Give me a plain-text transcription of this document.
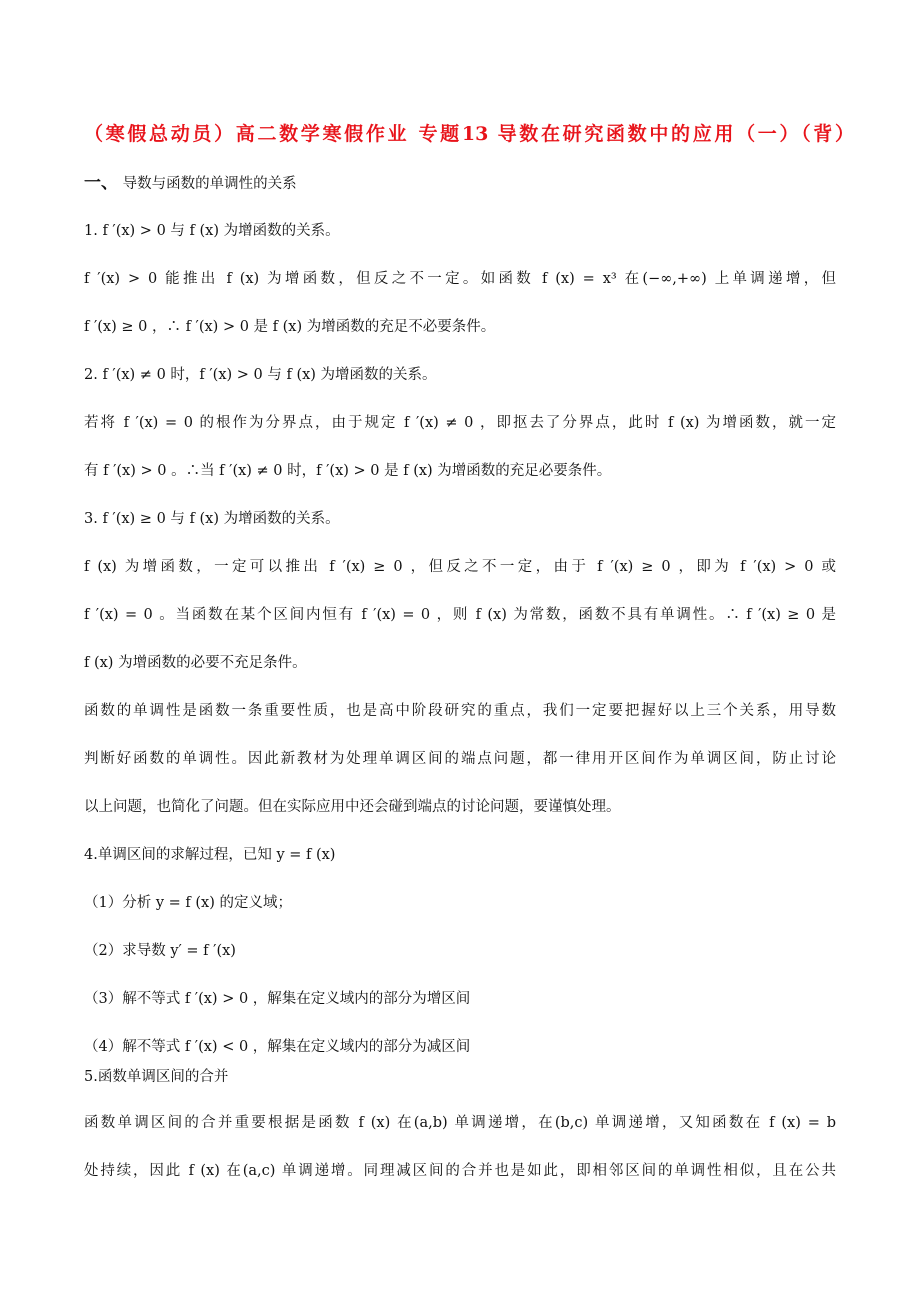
（寒假总动员）高二数学寒假作业 专题13 导数在研究函数中的应用（一）（背）
一、 导数与函数的单调性的关系
1. f ′(x) > 0 与 f (x) 为增函数的关系。
f ′(x) > 0 能推出 f (x) 为增函数，但反之不一定。如函数 f (x) = x³ 在(−∞,+∞) 上单调递增，但
f ′(x) ≥ 0 ，∴ f ′(x) > 0 是 f (x) 为增函数的充足不必要条件。
2. f ′(x) ≠ 0 时，f ′(x) > 0 与 f (x) 为增函数的关系。
若将 f ′(x) = 0 的根作为分界点，由于规定 f ′(x) ≠ 0 ，即抠去了分界点，此时 f (x) 为增函数，就一定
有 f ′(x) > 0 。∴当 f ′(x) ≠ 0 时，f ′(x) > 0 是 f (x) 为增函数的充足必要条件。
3. f ′(x) ≥ 0 与 f (x) 为增函数的关系。
f (x) 为增函数，一定可以推出 f ′(x) ≥ 0 ，但反之不一定，由于 f ′(x) ≥ 0 ，即为 f ′(x) > 0 或
f ′(x) = 0 。当函数在某个区间内恒有 f ′(x) = 0 ，则 f (x) 为常数，函数不具有单调性。∴ f ′(x) ≥ 0 是
f (x) 为增函数的必要不充足条件。
函数的单调性是函数一条重要性质，也是高中阶段研究的重点，我们一定要把握好以上三个关系，用导数
判断好函数的单调性。因此新教材为处理单调区间的端点问题，都一律用开区间作为单调区间，防止讨论
以上问题，也简化了问题。但在实际应用中还会碰到端点的讨论问题，要谨慎处理。
4.单调区间的求解过程，已知 y = f (x)
（1）分析 y = f (x) 的定义域；
（2）求导数 y′ = f ′(x)
（3）解不等式 f ′(x) > 0 ，解集在定义域内的部分为增区间
（4）解不等式 f ′(x) < 0 ，解集在定义域内的部分为减区间
5.函数单调区间的合并
函数单调区间的合并重要根据是函数 f (x) 在(a,b) 单调递增，在(b,c) 单调递增，又知函数在 f (x) = b
处持续，因此 f (x) 在(a,c) 单调递增。同理减区间的合并也是如此，即相邻区间的单调性相似，且在公共
